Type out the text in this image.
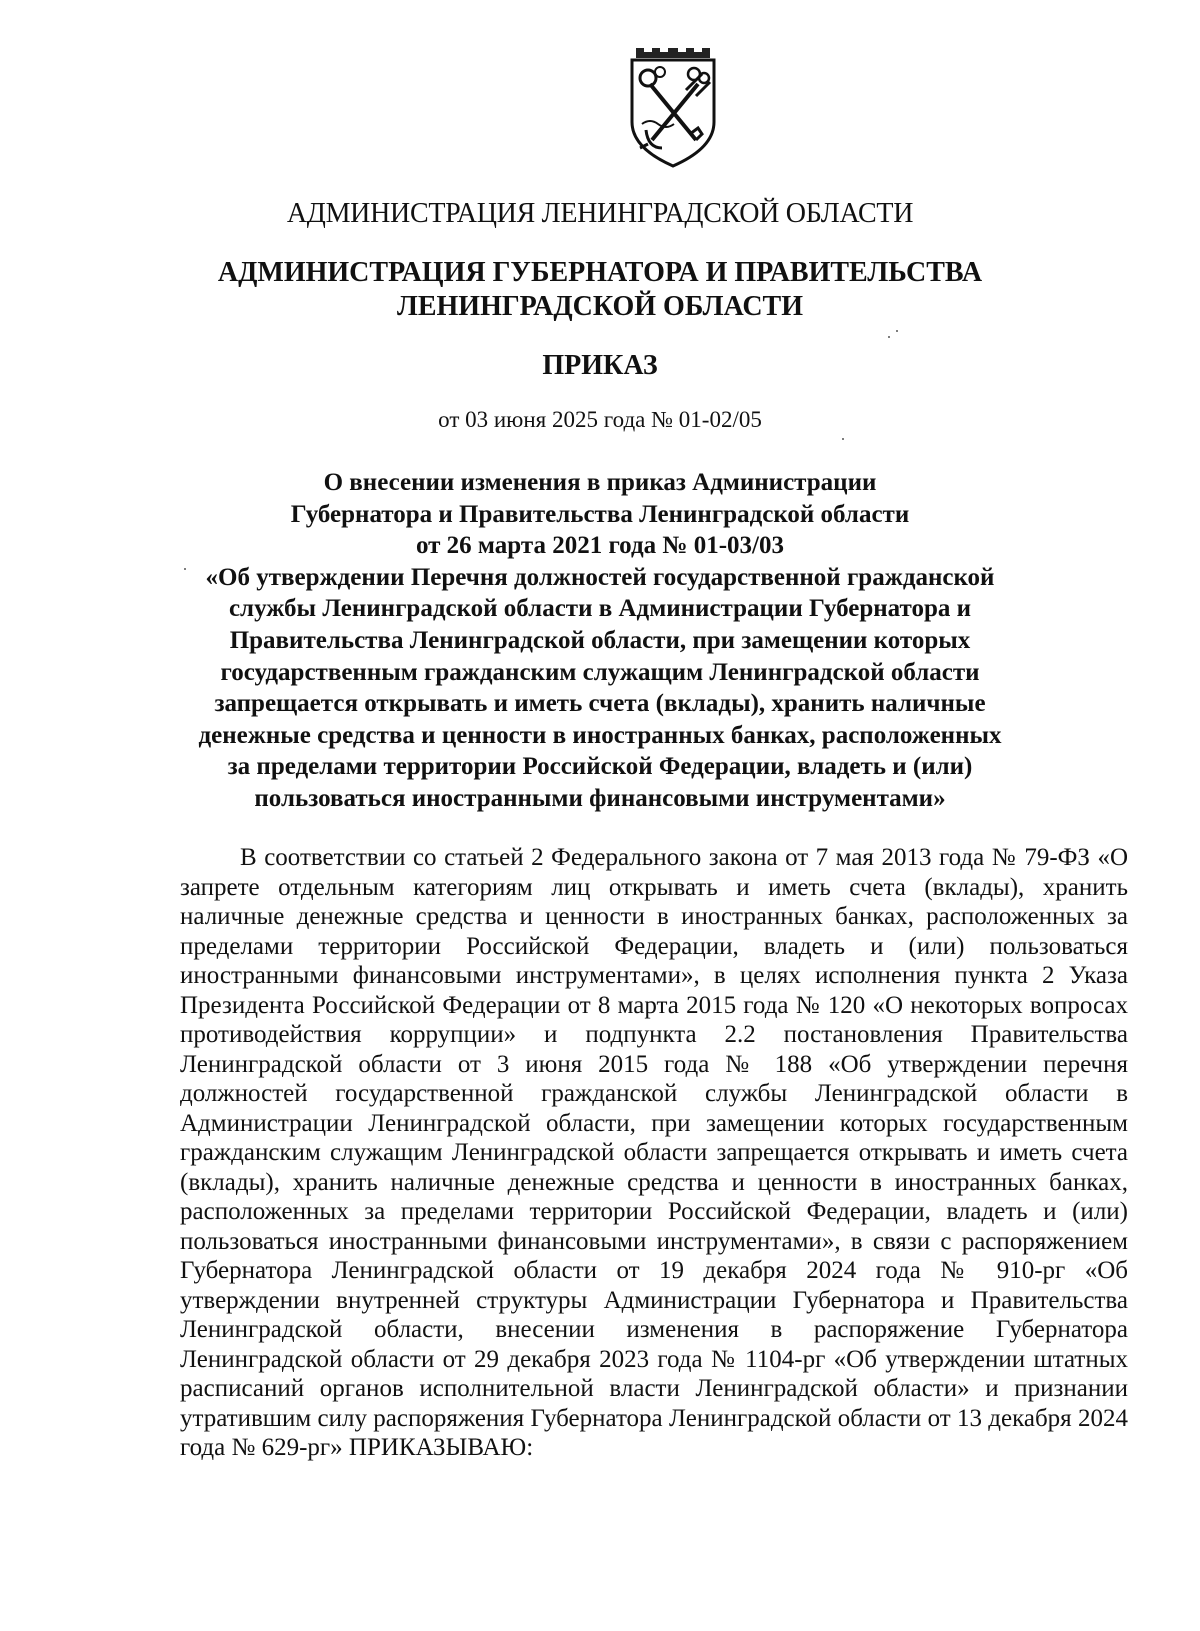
АДМИНИСТРАЦИЯ ЛЕНИНГРАДСКОЙ ОБЛАСТИ
АДМИНИСТРАЦИЯ ГУБЕРНАТОРА И ПРАВИТЕЛЬСТВА
ЛЕНИНГРАДСКОЙ ОБЛАСТИ
ПРИКАЗ
от 03 июня 2025 года № 01-02/05
О внесении изменения в приказ Администрации
Губернатора и Правительства Ленинградской области
от 26 марта 2021 года № 01-03/03
«Об утверждении Перечня должностей государственной гражданской
службы Ленинградской области в Администрации Губернатора и
Правительства Ленинградской области, при замещении которых
государственным гражданским служащим Ленинградской области
запрещается открывать и иметь счета (вклады), хранить наличные
денежные средства и ценности в иностранных банках, расположенных
за пределами территории Российской Федерации, владеть и (или)
пользоваться иностранными финансовыми инструментами»

В соответствии со статьей 2 Федерального закона от 7 мая 2013 года № 79-ФЗ «О запрете отдельным категориям лиц открывать и иметь счета (вклады), хранить наличные денежные средства и ценности в иностранных банках, расположенных за пределами территории Российской Федерации, владеть и (или) пользоваться иностранными финансовыми инструментами», в целях исполнения пункта 2 Указа Президента Российской Федерации от 8 марта 2015 года № 120 «О некоторых вопросах противодействия коррупции» и подпункта 2.2 постановления Правительства Ленинградской области от 3 июня 2015 года № 188 «Об утверждении перечня должностей государственной гражданской службы Ленинградской области в Администрации Ленинградской области, при замещении которых государственным гражданским служащим Ленинградской области запрещается открывать и иметь счета (вклады), хранить наличные денежные средства и ценности в иностранных банках, расположенных за пределами территории Российской Федерации, владеть и (или) пользоваться иностранными финансовыми инструментами», в связи с распоряжением Губернатора Ленинградской области от 19 декабря 2024 года № 910-рг «Об утверждении внутренней структуры Администрации Губернатора и Правительства Ленинградской области, внесении изменения в распоряжение Губернатора Ленинградской области от 29 декабря 2023 года № 1104-рг «Об утверждении штатных расписаний органов исполнительной власти Ленинградской области» и признании утратившим силу распоряжения Губернатора Ленинградской области от 13 декабря 2024 года № 629-рг» ПРИКАЗЫВАЮ:
